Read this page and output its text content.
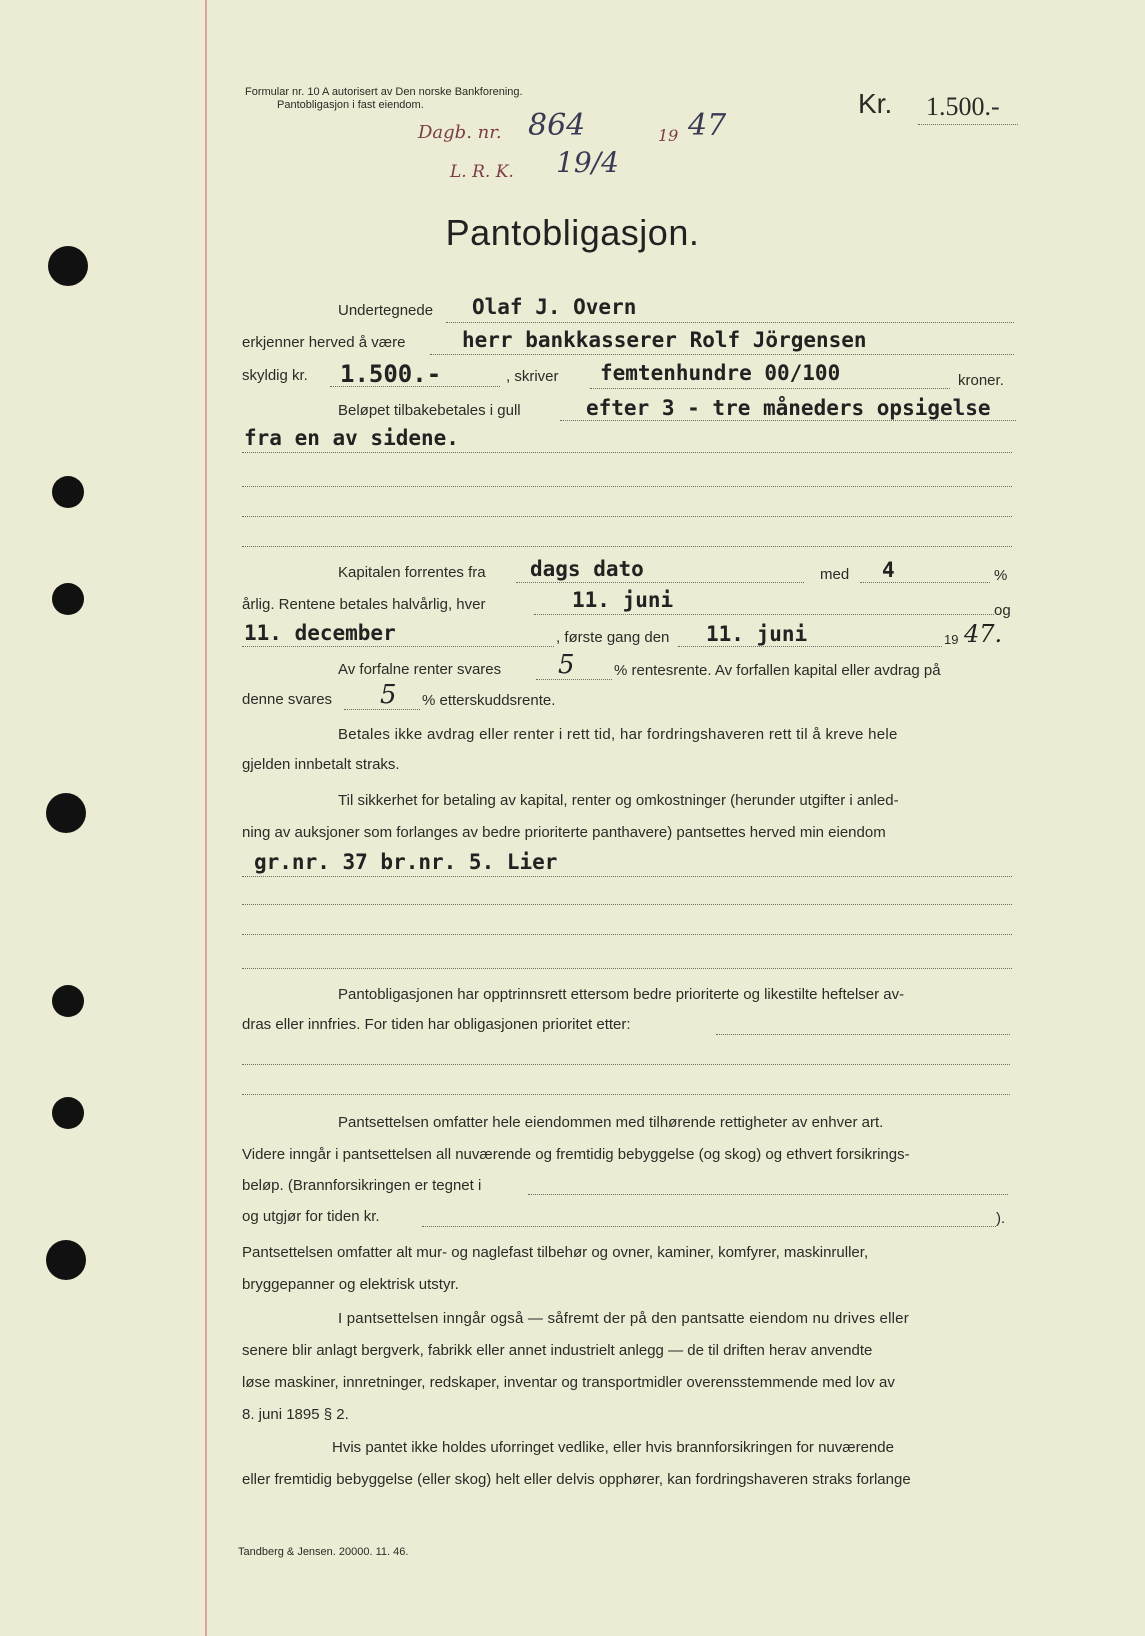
Formular nr. 10 A autorisert av Den norske Bankforening.
Pantobligasjon i fast eiendom.
Dagb. nr. 864	19 47
L. R. K. 19/4
Kr. 1.500.-
Pantobligasjon.
Undertegnede Olaf J. Overn
erkjenner herved å være	herr bankkasserer Rolf Jörgensen
skyldig kr. 1.500.-	, skriver femtenhundre 00/100	kroner.
Beløpet tilbakebetales i gull	efter 3 - tre måneders opsigelse
fra en av sidene.
Kapitalen forrentes fra dags dato	med 4	%
årlig. Rentene betales halvårlig, hver	11. juni	og
11. december	, første gang den 11. juni	19 47.
Av forfalne renter svares 5	% rentesrente. Av forfallen kapital eller avdrag på
denne svares 5 % etterskuddsrente.
Betales ikke avdrag eller renter i rett tid, har fordringshaveren rett til å kreve hele
gjelden innbetalt straks.
Til sikkerhet for betaling av kapital, renter og omkostninger (herunder utgifter i anled-
ning av auksjoner som forlanges av bedre prioriterte panthavere) pantsettes herved min eiendom
gr.nr. 37 br.nr. 5. Lier
Pantobligasjonen har opptrinnsrett ettersom bedre prioriterte og likestilte heftelser av-
dras eller innfries. For tiden har obligasjonen prioritet etter:
Pantsettelsen omfatter hele eiendommen med tilhørende rettigheter av enhver art.
Videre inngår i pantsettelsen all nuværende og fremtidig bebyggelse (og skog) og ethvert forsikrings-
beløp. (Brannforsikringen er tegnet i
og utgjør for tiden kr.	).
Pantsettelsen omfatter alt mur- og naglefast tilbehør og ovner, kaminer, komfyrer, maskinruller,
bryggepanner og elektrisk utstyr.
I pantsettelsen inngår også — såfremt der på den pantsatte eiendom nu drives eller
senere blir anlagt bergverk, fabrikk eller annet industrielt anlegg — de til driften herav anvendte
løse maskiner, innretninger, redskaper, inventar og transportmidler overensstemmende med lov av
8. juni 1895 § 2.
Hvis pantet ikke holdes uforringet vedlike, eller hvis brannforsikringen for nuværende
eller fremtidig bebyggelse (eller skog) helt eller delvis opphører, kan fordringshaveren straks forlange
Tandberg & Jensen. 20000. 11. 46.
